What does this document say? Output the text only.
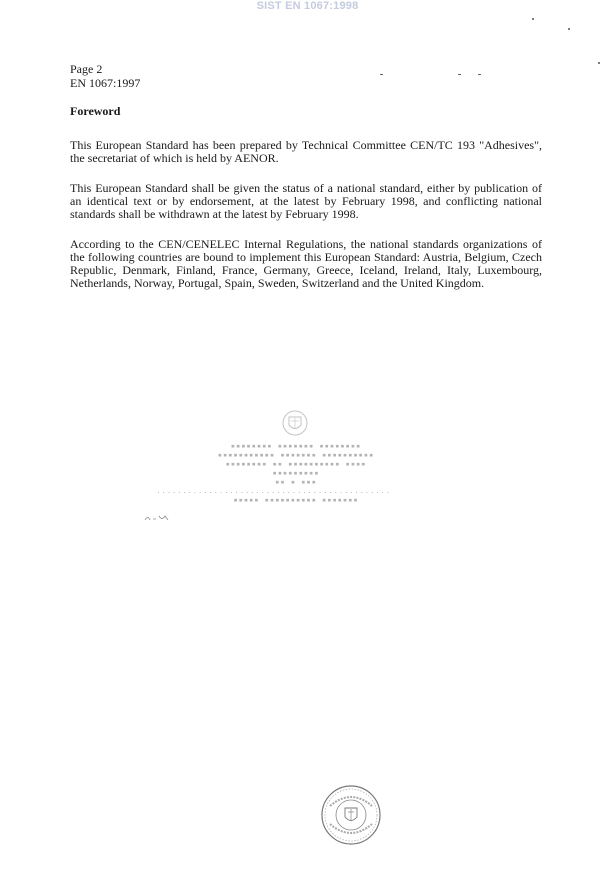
SIST EN 1067:1998
Page 2
EN 1067:1997
Foreword

This European Standard has been prepared by Technical Committee CEN/TC 193 "Adhesives", the secretariat of which is held by AENOR.

This European Standard shall be given the status of a national standard, either by publication of an identical text or by endorsement, at the latest by February 1998, and conflicting national standards shall be withdrawn at the latest by February 1998.

According to the CEN/CENELEC Internal Regulations, the national standards organizations of the following countries are bound to implement this European Standard: Austria, Belgium, Czech Republic, Denmark, Finland, France, Germany, Greece, Iceland, Ireland, Italy, Luxembourg, Netherlands, Norway, Portugal, Spain, Sweden, Switzerland and the United Kingdom.

▪▪▪▪▪▪▪▪ ▪▪▪▪▪▪▪ ▪▪▪▪▪▪▪▪
▪▪▪▪▪▪▪▪▪▪ ▪▪▪▪▪▪▪ ▪▪▪▪▪▪▪▪▪▪▪
▪▪▪▪ ▪▪▪▪▪▪▪▪▪▪ ▪▪ ▪▪▪▪▪▪▪▪
▪▪▪▪▪▪▪▪▪
▪▪▪ ▪ ▪▪
.............................................
▪▪▪▪▪▪▪ ▪▪▪▪▪▪▪▪▪▪ ▪▪▪▪▪
